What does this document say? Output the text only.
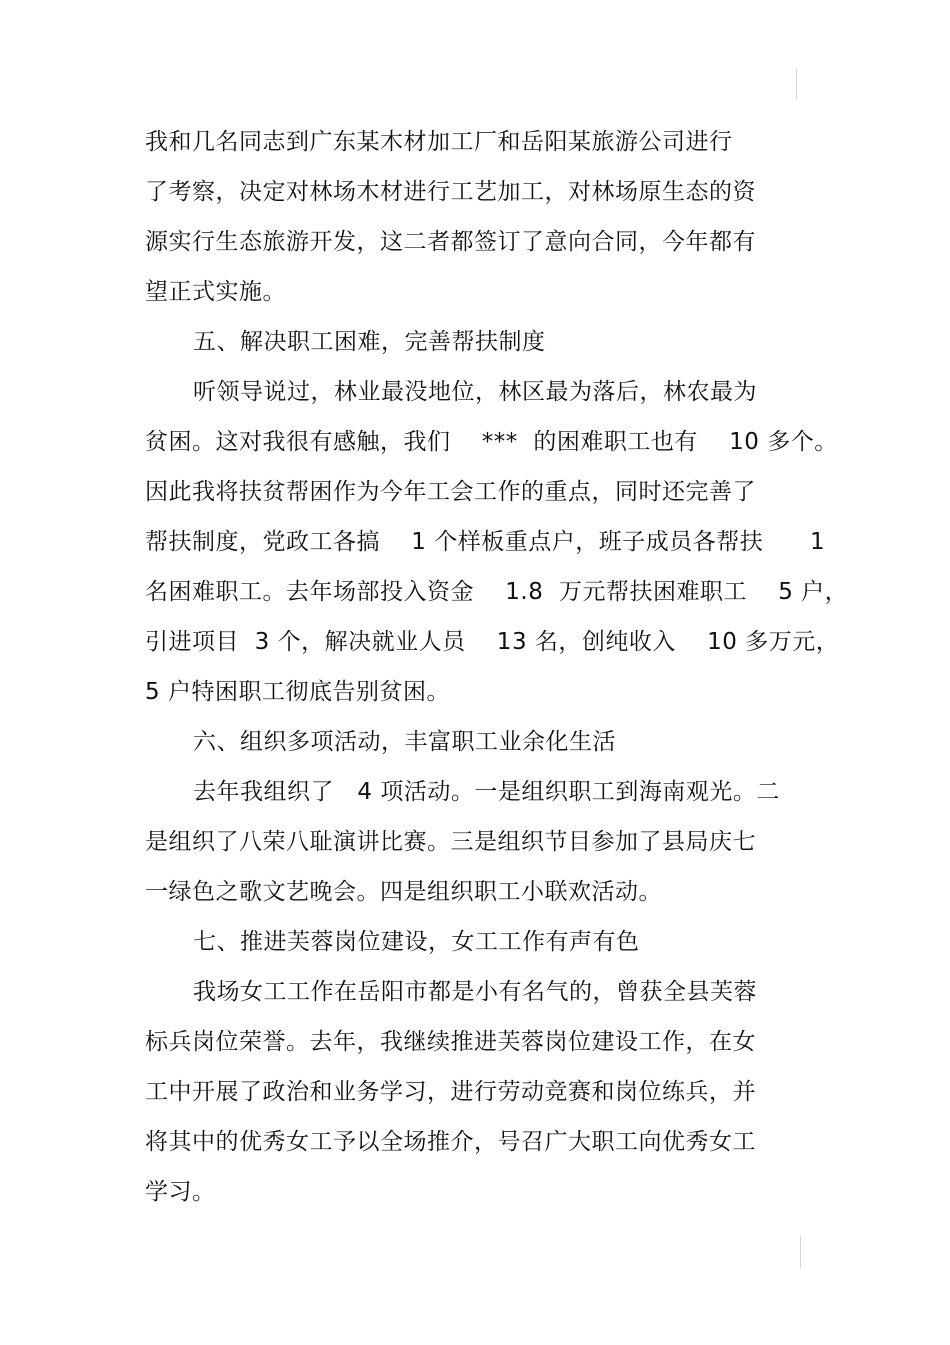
我和几名同志到广东某木材加工厂和岳阳某旅游公司进行
了考察，决定对林场木材进行工艺加工，对林场原生态的资
源实行生态旅游开发，这二者都签订了意向合同，今年都有
望正式实施。
五、解决职工困难，完善帮扶制度
听领导说过，林业最没地位，林区最为落后，林农最为
贫困。这对我很有感触，我们    ***  的困难职工也有    10 多个。
因此我将扶贫帮困作为今年工会工作的重点，同时还完善了
帮扶制度，党政工各搞    1 个样板重点户，班子成员各帮扶      1
名困难职工。去年场部投入资金    1.8  万元帮扶困难职工    5 户，
引进项目  3 个，解决就业人员    13 名，创纯收入    10 多万元，
5 户特困职工彻底告别贫困。
六、组织多项活动，丰富职工业余化生活
去年我组织了   4 项活动。一是组织职工到海南观光。二
是组织了八荣八耻演讲比赛。三是组织节目参加了县局庆七
一绿色之歌文艺晚会。四是组织职工小联欢活动。
七、推进芙蓉岗位建设，女工工作有声有色
我场女工工作在岳阳市都是小有名气的，曾获全县芙蓉
标兵岗位荣誉。去年，我继续推进芙蓉岗位建设工作，在女
工中开展了政治和业务学习，进行劳动竞赛和岗位练兵，并
将其中的优秀女工予以全场推介，号召广大职工向优秀女工
学习。
